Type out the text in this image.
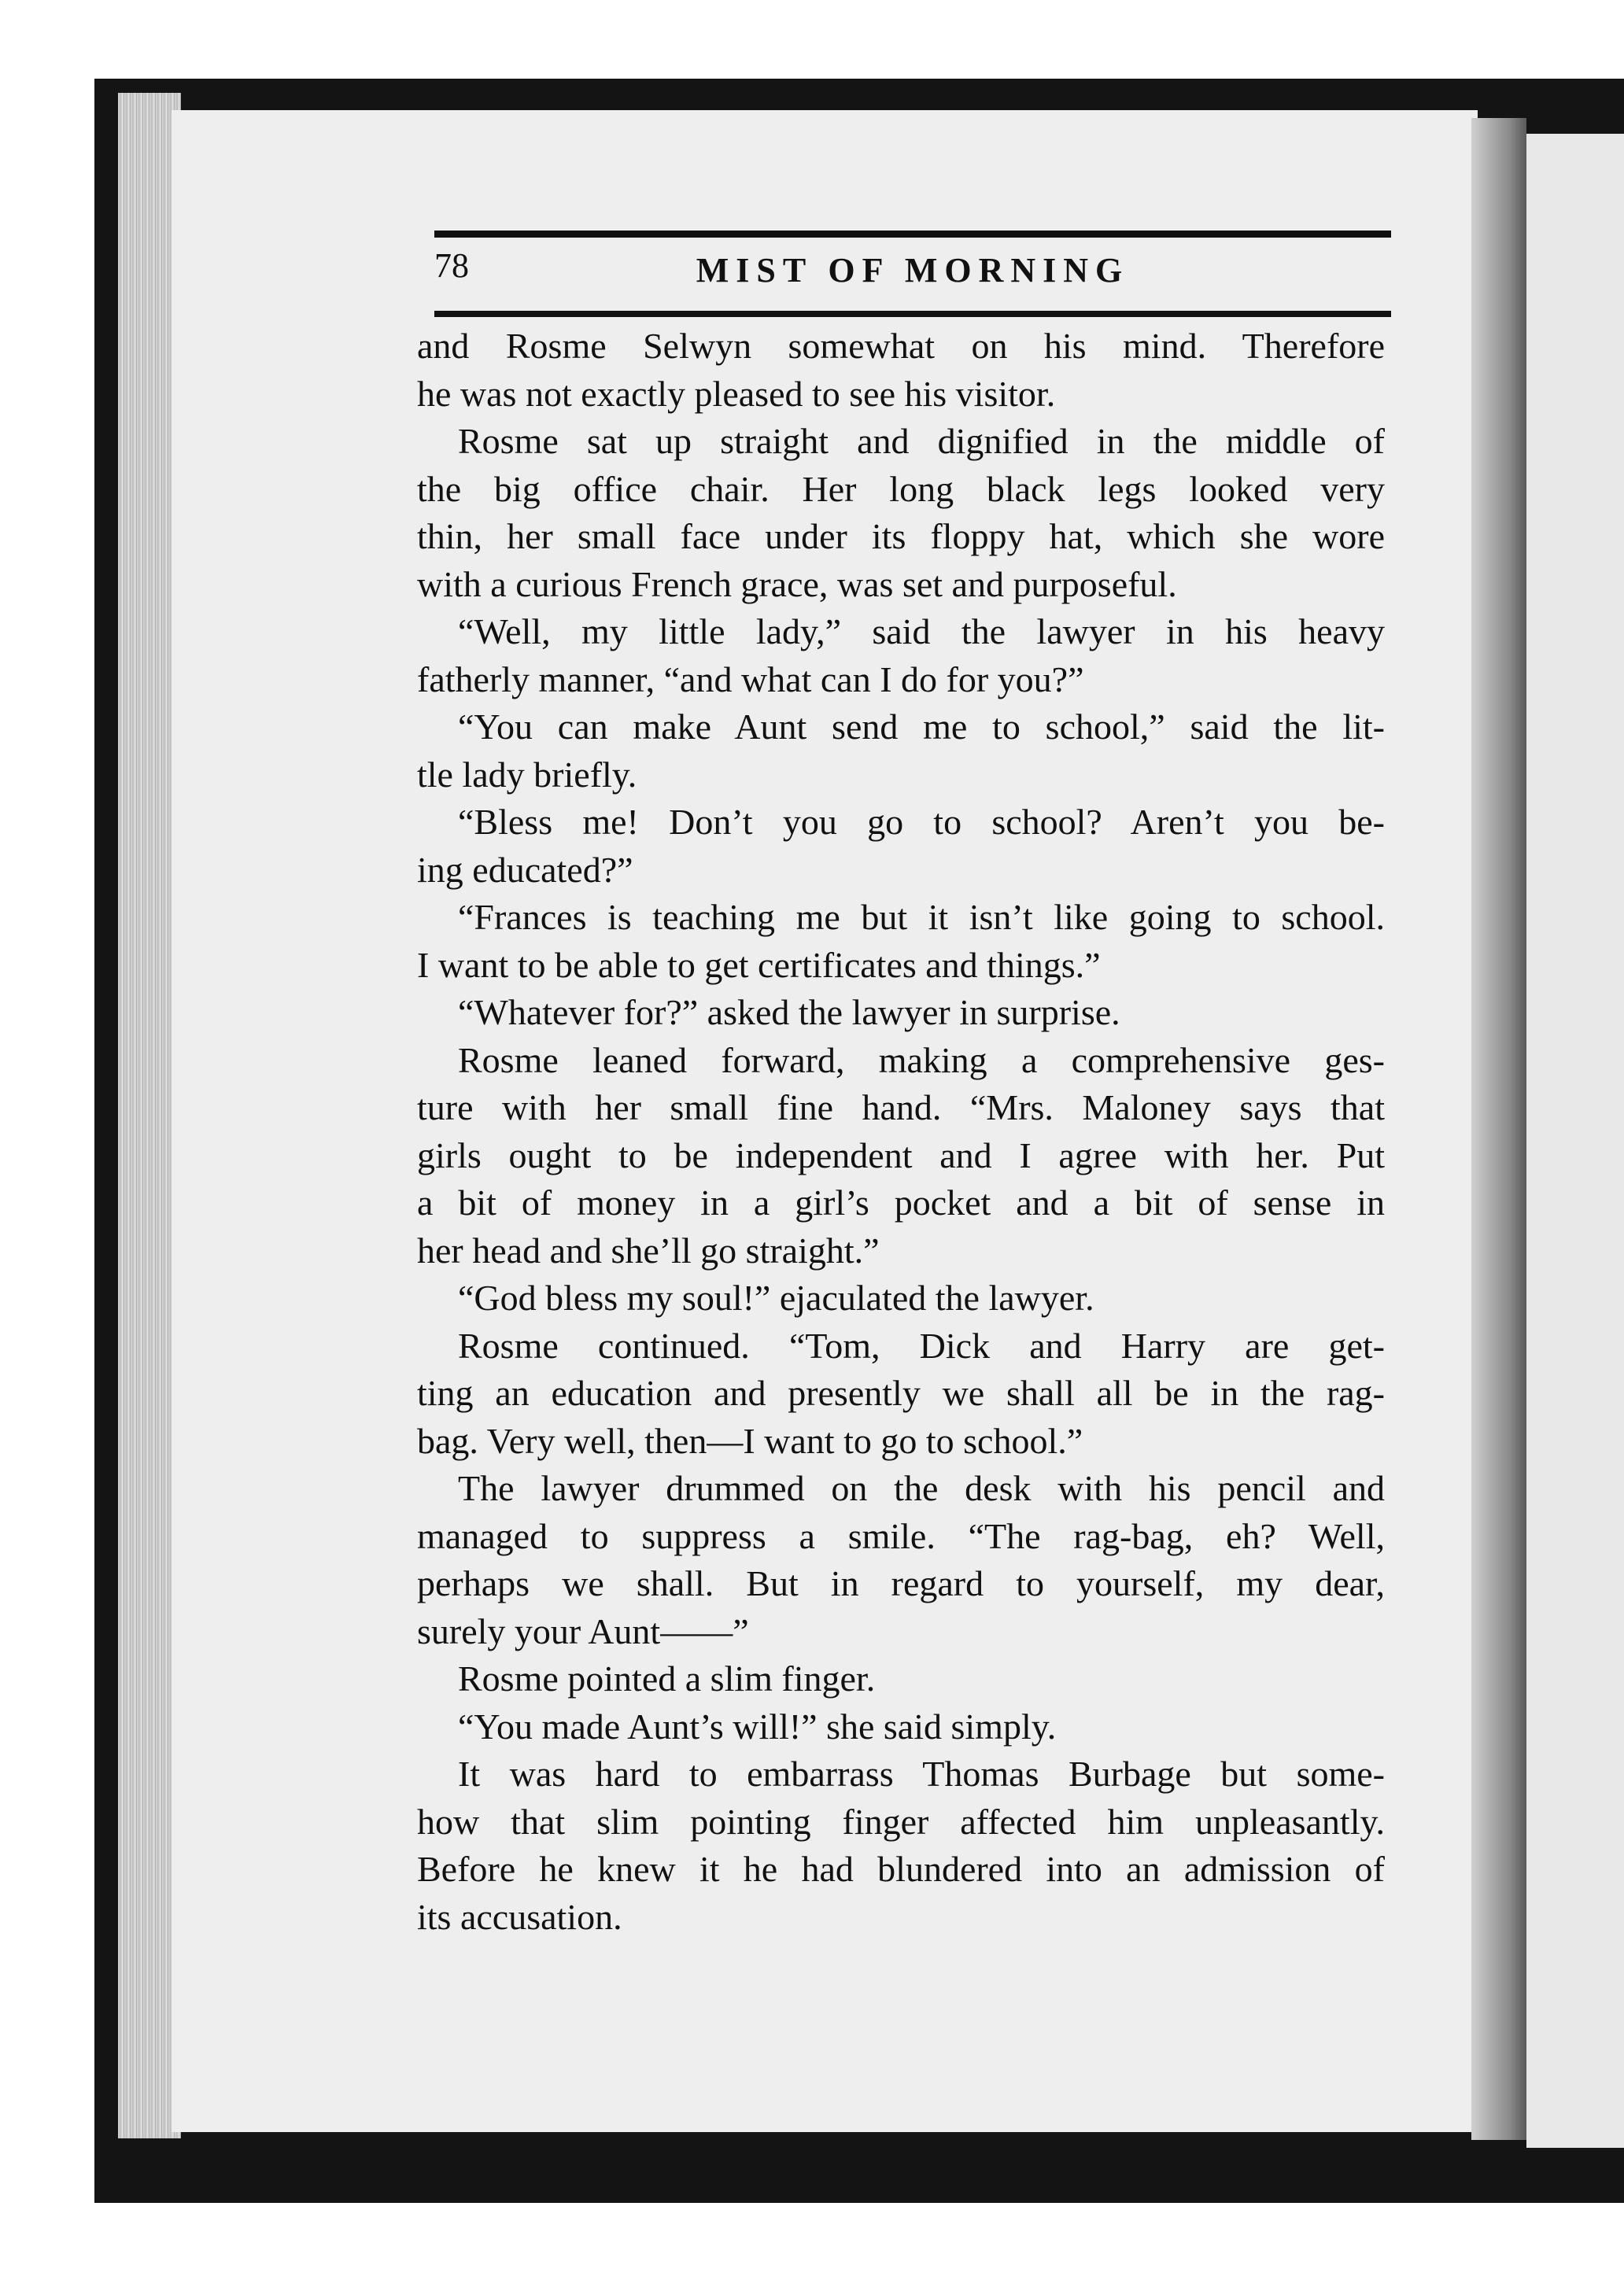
78	MIST OF MORNING
and Rosme Selwyn somewhat on his mind. Therefore
he was not exactly pleased to see his visitor.
Rosme sat up straight and dignified in the middle of
the big office chair. Her long black legs looked very
thin, her small face under its floppy hat, which she wore
with a curious French grace, was set and purposeful.
“Well, my little lady,” said the lawyer in his heavy
fatherly manner, “and what can I do for you?”
“You can make Aunt send me to school,” said the lit-
tle lady briefly.
“Bless me! Don’t you go to school? Aren’t you be-
ing educated?”
“Frances is teaching me but it isn’t like going to school.
I want to be able to get certificates and things.”
“Whatever for?” asked the lawyer in surprise.
Rosme leaned forward, making a comprehensive ges-
ture with her small fine hand. “Mrs. Maloney says that
girls ought to be independent and I agree with her. Put
a bit of money in a girl’s pocket and a bit of sense in
her head and she’ll go straight.”
“God bless my soul!” ejaculated the lawyer.
Rosme continued. “Tom, Dick and Harry are get-
ting an education and presently we shall all be in the rag-
bag. Very well, then—I want to go to school.”
The lawyer drummed on the desk with his pencil and
managed to suppress a smile. “The rag-bag, eh? Well,
perhaps we shall. But in regard to yourself, my dear,
surely your Aunt——”
Rosme pointed a slim finger.
“You made Aunt’s will!” she said simply.
It was hard to embarrass Thomas Burbage but some-
how that slim pointing finger affected him unpleasantly.
Before he knew it he had blundered into an admission of
its accusation.
